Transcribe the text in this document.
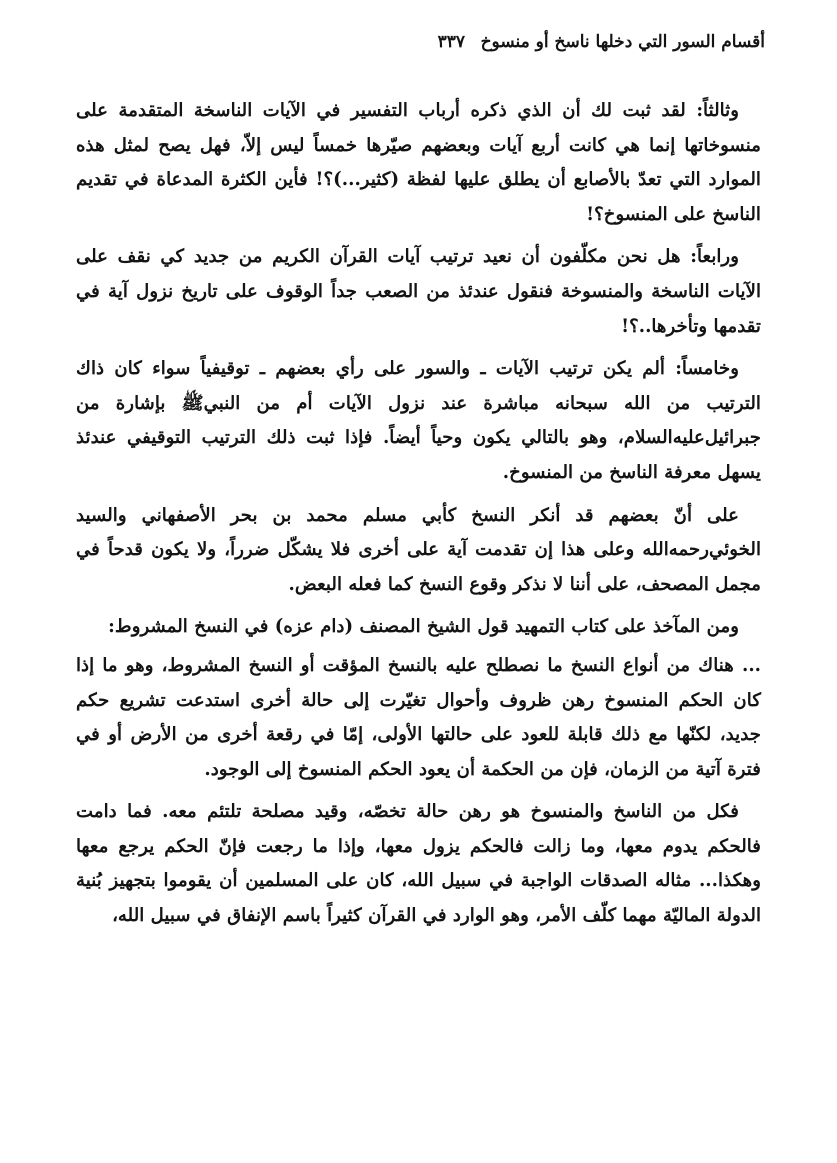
أقسام السور التي دخلها ناسخ أو منسوخ
٣٣٧

وثالثاً: لقد ثبت لك أن الذي ذكره أرباب التفسير في الآيات الناسخة المتقدمة على منسوخاتها إنما هي كانت أربع آيات وبعضهم صيّرها خمساً ليس إلاّ، فهل يصح لمثل هذه الموارد التي تعدّ بالأصابع أن يطلق عليها لفظة (كثير...)؟! فأين الكثرة المدعاة في تقديم الناسخ على المنسوخ؟!

ورابعاً: هل نحن مكلّفون أن نعيد ترتيب آيات القرآن الكريم من جديد كي نقف على الآيات الناسخة والمنسوخة فنقول عندئذ من الصعب جداً الوقوف على تاريخ نزول آية في تقدمها وتأخرها..؟!

وخامساً: ألم يكن ترتيب الآيات ـ والسور على رأي بعضهم ـ توقيفياً سواء كان ذاك الترتيب من الله سبحانه مباشرة عند نزول الآيات أم من النبيﷺ بإشارة من جبرائيل‌عليه‌السلام، وهو بالتالي يكون وحياً أيضاً. فإذا ثبت ذلك الترتيب التوقيفي عندئذ يسهل معرفة الناسخ من المنسوخ.

على أنّ بعضهم قد أنكر النسخ كأبي مسلم محمد بن بحر الأصفهاني والسيد الخوئي‌رحمه‌الله وعلى هذا إن تقدمت آية على أخرى فلا يشكّل ضرراً، ولا يكون قدحاً في مجمل المصحف، على أننا لا نذكر وقوع النسخ كما فعله البعض.

ومن المآخذ على كتاب التمهيد قول الشيخ المصنف (دام عزه) في النسخ المشروط:

... هناك من أنواع النسخ ما نصطلح عليه بالنسخ المؤقت أو النسخ المشروط، وهو ما إذا كان الحكم المنسوخ رهن ظروف وأحوال تغيّرت إلى حالة أخرى استدعت تشريع حكم جديد، لكنّها مع ذلك قابلة للعود على حالتها الأولى، إمّا في رقعة أخرى من الأرض أو في فترة آتية من الزمان، فإن من الحكمة أن يعود الحكم المنسوخ إلى الوجود.

فكل من الناسخ والمنسوخ هو رهن حالة تخصّه، وقيد مصلحة تلتئم معه. فما دامت فالحكم يدوم معها، وما زالت فالحكم يزول معها، وإذا ما رجعت فإنّ الحكم يرجع معها وهكذا... مثاله الصدقات الواجبة في سبيل الله، كان على المسلمين أن يقوموا بتجهيز بُنية الدولة الماليّة مهما كلّف الأمر، وهو الوارد في القرآن كثيراً باسم الإنفاق في سبيل الله،
